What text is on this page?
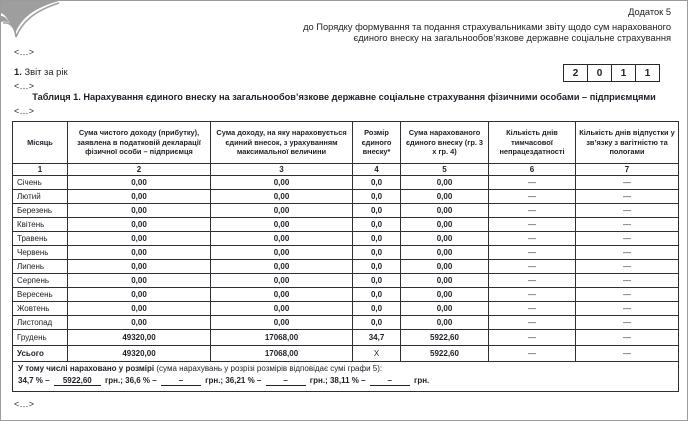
Додаток 5
до Порядку формування та подання страхувальниками звіту щодо сум нарахованого
єдиного внеску на загальнообов’язкове державне соціальне страхування
<...>
1. Звіт за рік	2	0	1	1
<...>
Таблиця 1. Нарахування єдиного внеску на загальнообов’язкове державне соціальне страхування фізичними особами – підприємцями
<...>
Місяць	Сума чистого доходу (прибутку), заявлена в податковій декларації фізичної особи – підприємця	Сума доходу, на яку нараховується єдиний внесок, з урахуванням максимальної величини	Розмір єдиного внеску*	Сума нарахованого єдиного внеску (гр. 3 х гр. 4)	Кількість днів тимчасової непрацездатності	Кількість днів відпустки у зв’язку з вагітністю та пологами
1	2	3	4	5	6	7
Січень	0,00	0,00	0,0	0,00	—	—
Лютий	0,00	0,00	0,0	0,00	—	—
Березень	0,00	0,00	0,0	0,00	—	—
Квітень	0,00	0,00	0,0	0,00	—	—
Травень	0,00	0,00	0,0	0,00	—	—
Червень	0,00	0,00	0,0	0,00	—	—
Липень	0,00	0,00	0,0	0,00	—	—
Серпень	0,00	0,00	0,0	0,00	—	—
Вересень	0,00	0,00	0,0	0,00	—	—
Жовтень	0,00	0,00	0,0	0,00	—	—
Листопад	0,00	0,00	0,0	0,00	—	—
Грудень	49320,00	17068,00	34,7	5922,60	—	—
Усього	49320,00	17068,00	Х	5922,60	—	—

У тому числі нараховано у розмірі (сума нарахувань у розрізі розмірів відповідає сумі графи 5):
34,7 % – 5922,60 грн.; 36,6 % – – грн.; 36,21 % – – грн.; 38,11 % – – грн.						
<...>
